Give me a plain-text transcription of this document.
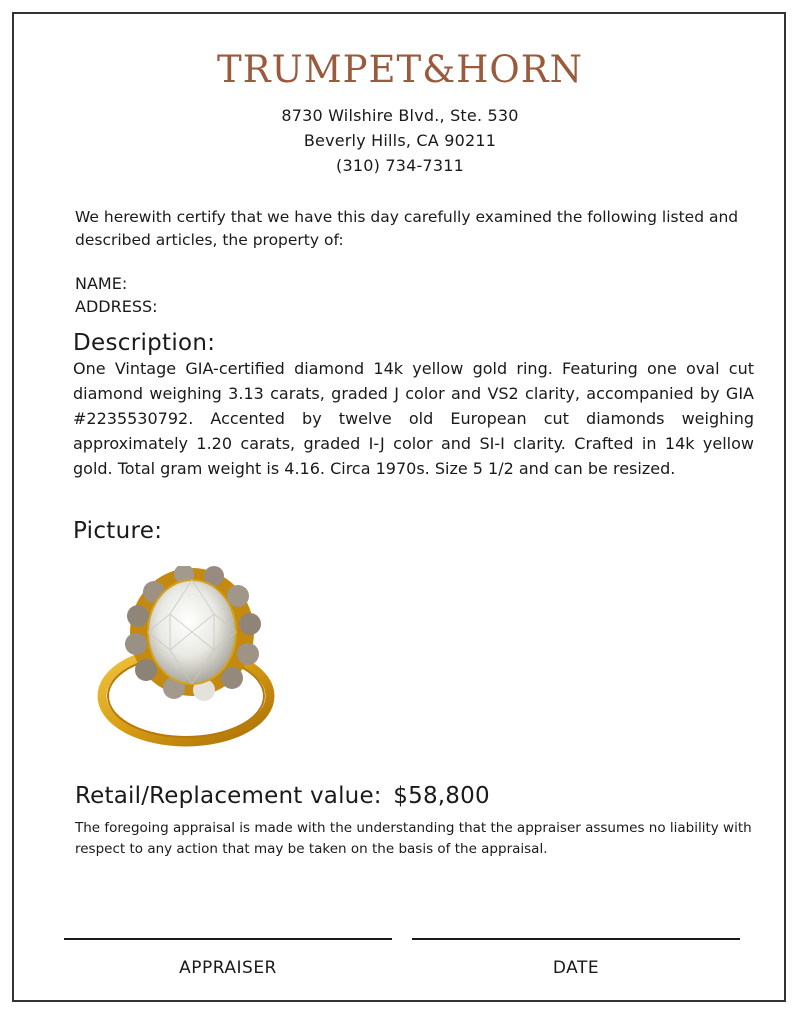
TRUMPET&HORN
8730 Wilshire Blvd., Ste. 530
Beverly Hills, CA 90211
(310) 734-7311
We herewith certify that we have this day carefully examined the following listed and described articles, the property of:
NAME:
ADDRESS:
Description:
One Vintage GIA-certified diamond 14k yellow gold ring. Featuring one oval cut diamond weighing 3.13 carats, graded J color and VS2 clarity, accompanied by GIA #2235530792. Accented by twelve old European cut diamonds weighing approximately 1.20 carats, graded I-J color and SI-I clarity. Crafted in 14k yellow gold. Total gram weight is 4.16. Circa 1970s. Size 5 1/2 and can be resized.
Picture:
Retail/Replacement value: $58,800
The foregoing appraisal is made with the understanding that the appraiser assumes no liability with respect to any action that may be taken on the basis of the appraisal.
APPRAISER	DATE
